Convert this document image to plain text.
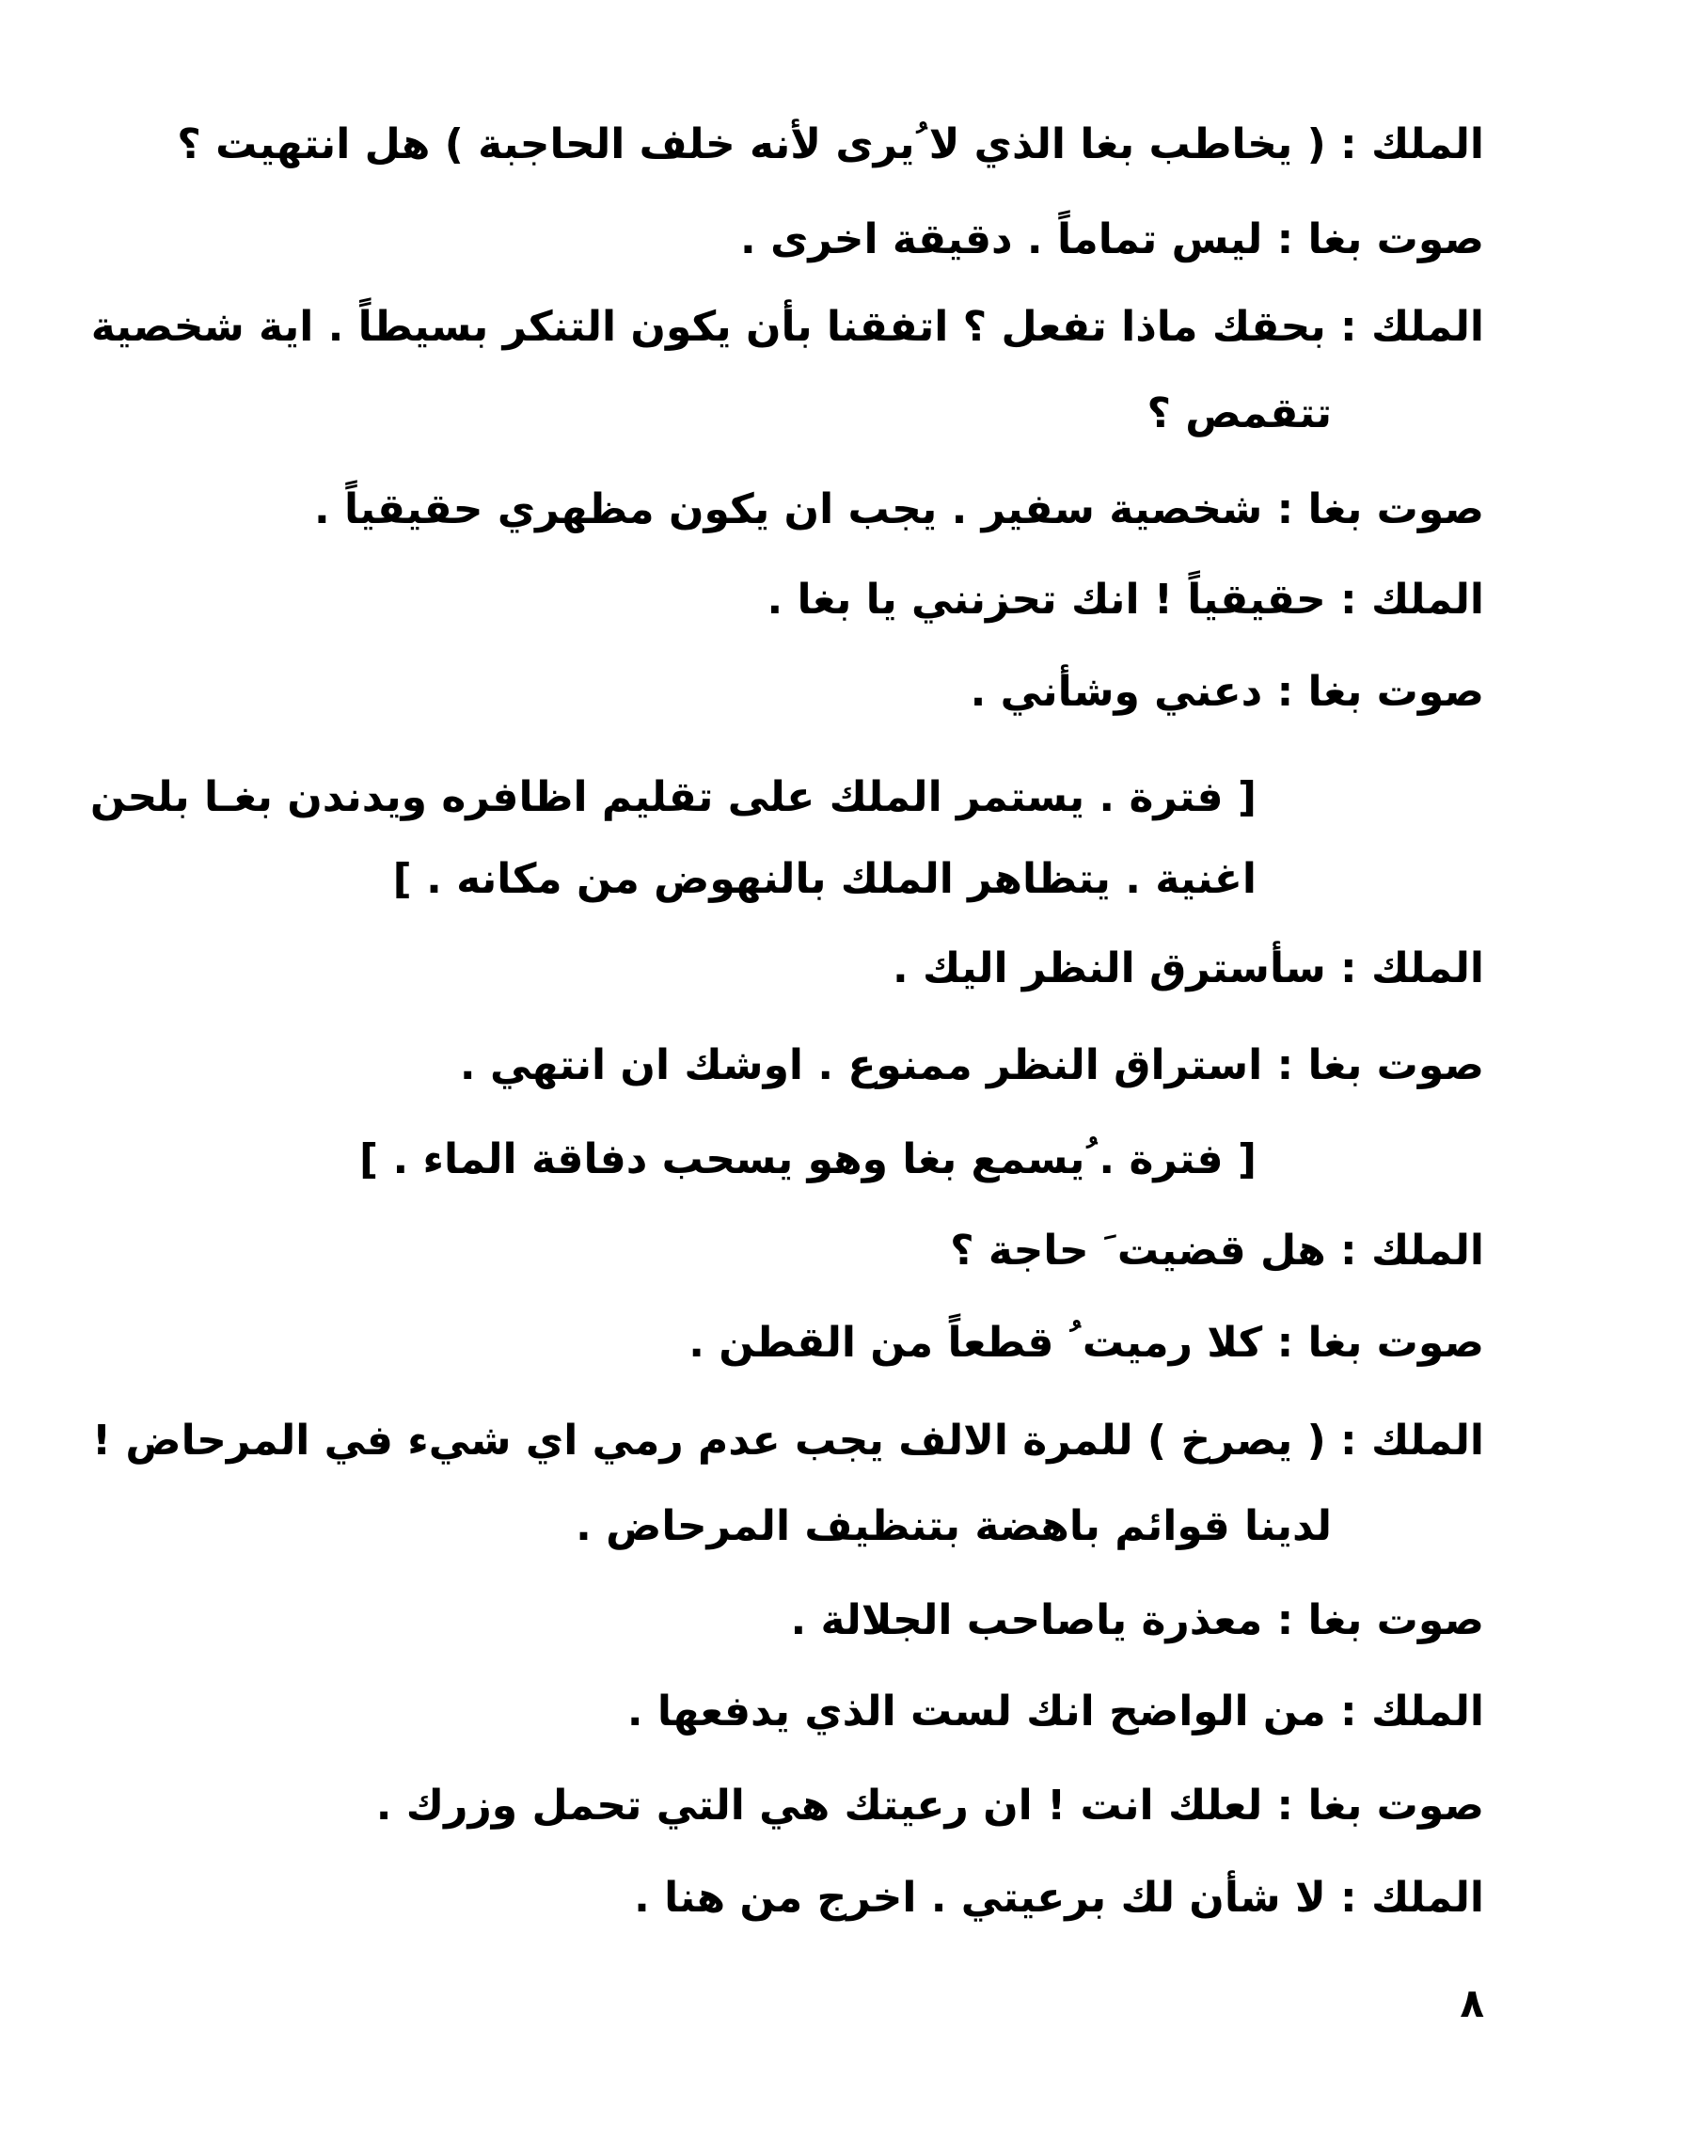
الملك : ( يخاطب بغا الذي لا ُيرى لأنه خلف الحاجبة ) هل انتهيت ؟
صوت بغا : ليس تماماً . دقيقة اخرى .
الملك : بحقك ماذا تفعل ؟ اتفقنا بأن يكون التنكر بسيطاً . اية شخصية
تتقمص ؟
صوت بغا : شخصية سفير . يجب ان يكون مظهري حقيقياً .
الملك : حقيقياً ! انك تحزنني يا بغا .
صوت بغا : دعني وشأني .
[ فترة . يستمر الملك على تقليم اظافره ويدندن بغـا بلحن
اغنية . يتظاهر الملك بالنهوض من مكانه . ]
الملك : سأسترق النظر اليك .
صوت بغا : استراق النظر ممنوع . اوشك ان انتهي .
[ فترة . ُيسمع بغا وهو يسحب دفاقة الماء . ]
الملك : هل قضيت َ حاجة ؟
صوت بغا : كلا رميت ُ قطعاً من القطن .
الملك : ( يصرخ ) للمرة الالف يجب عدم رمي اي شيء في المرحاض !
لدينا قوائم باهضة بتنظيف المرحاض .
صوت بغا : معذرة ياصاحب الجلالة .
الملك : من الواضح انك لست الذي يدفعها .
صوت بغا : لعلك انت ! ان رعيتك هي التي تحمل وزرك .
الملك : لا شأن لك برعيتي . اخرج من هنا .
٨
